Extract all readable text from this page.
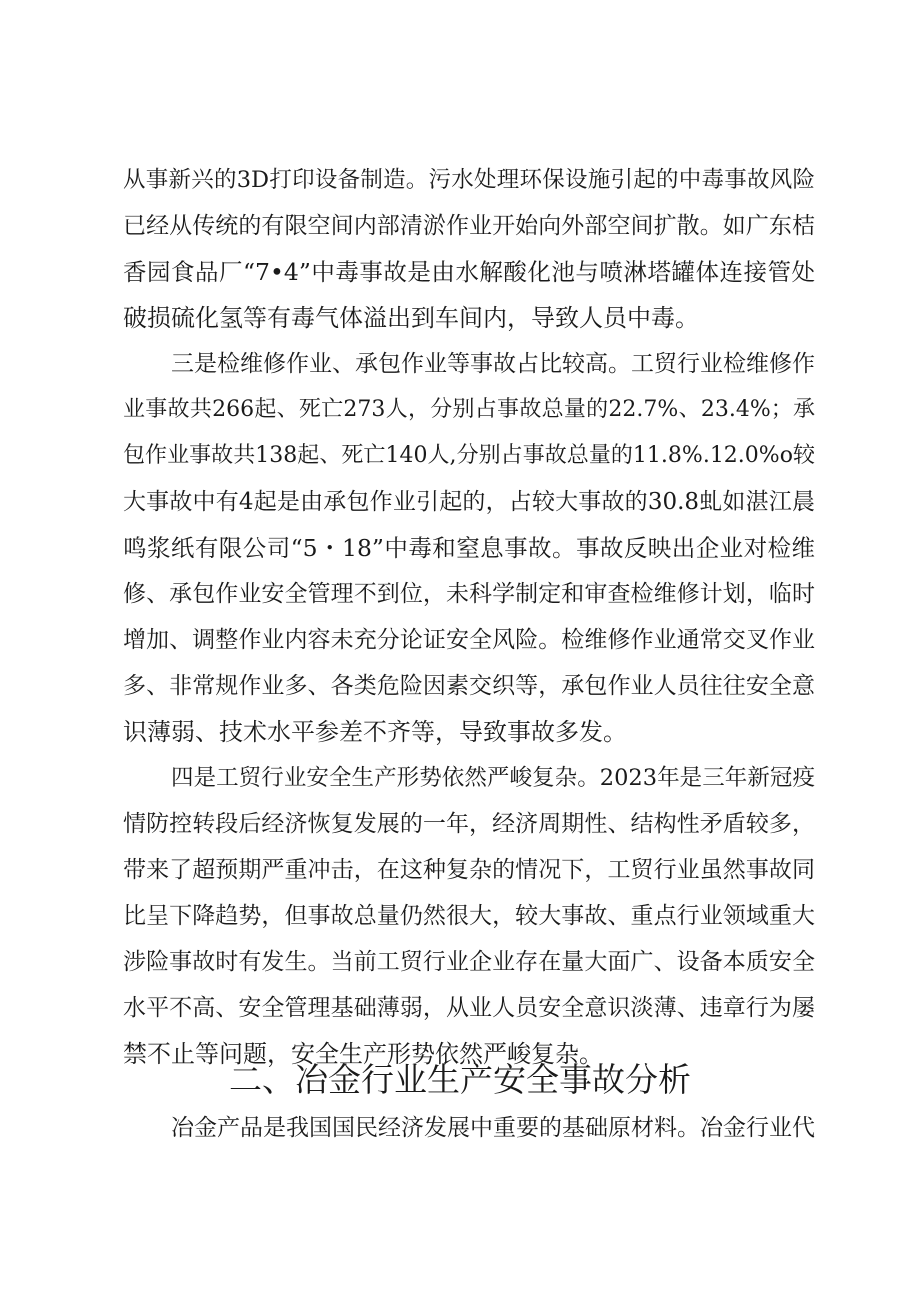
从事新兴的3D打印设备制造。污水处理环保设施引起的中毒事故风险
已经从传统的有限空间内部清淤作业开始向外部空间扩散。如广东桔
香园食品厂“7•4”中毒事故是由水解酸化池与喷淋塔罐体连接管处
破损硫化氢等有毒气体溢出到车间内，导致人员中毒。
三是检维修作业、承包作业等事故占比较高。工贸行业检维修作
业事故共266起、死亡273人，分别占事故总量的22.7%、23.4%；承
包作业事故共138起、死亡140人,分别占事故总量的11.8%.12.0%o较
大事故中有4起是由承包作业引起的，占较大事故的30.8虬如湛江晨
鸣浆纸有限公司“5・18”中毒和窒息事故。事故反映出企业对检维
修、承包作业安全管理不到位，未科学制定和审查检维修计划，临时
增加、调整作业内容未充分论证安全风险。检维修作业通常交叉作业
多、非常规作业多、各类危险因素交织等，承包作业人员往往安全意
识薄弱、技术水平参差不齐等，导致事故多发。
四是工贸行业安全生产形势依然严峻复杂。2023年是三年新冠疫
情防控转段后经济恢复发展的一年，经济周期性、结构性矛盾较多，
带来了超预期严重冲击，在这种复杂的情况下，工贸行业虽然事故同
比呈下降趋势，但事故总量仍然很大，较大事故、重点行业领域重大
涉险事故时有发生。当前工贸行业企业存在量大面广、设备本质安全
水平不高、安全管理基础薄弱，从业人员安全意识淡薄、违章行为屡
禁不止等问题，安全生产形势依然严峻复杂。
二、冶金行业生产安全事故分析
冶金产品是我国国民经济发展中重要的基础原材料。冶金行业代
